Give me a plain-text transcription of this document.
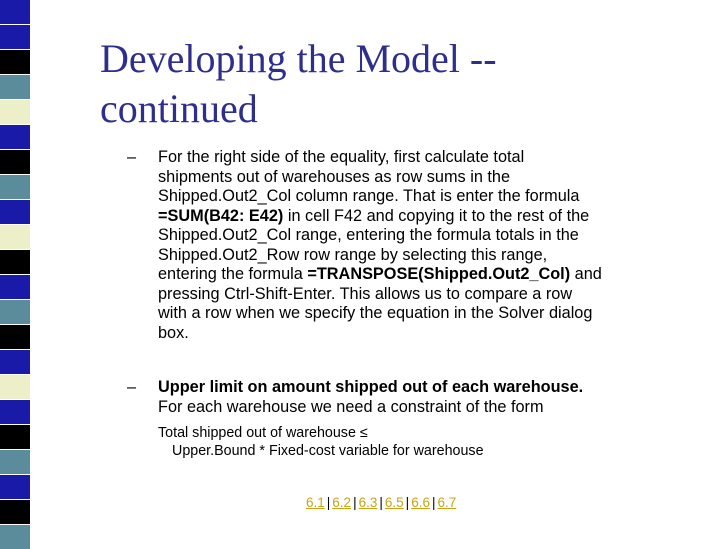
Developing the Model --
continued
– For the right side of the equality, first calculate total
shipments out of warehouses as row sums in the
Shipped.Out2_Col column range. That is enter the formula
=SUM(B42: E42) in cell F42 and copying it to the rest of the
Shipped.Out2_Col range, entering the formula totals in the
Shipped.Out2_Row row range by selecting this range,
entering the formula =TRANSPOSE(Shipped.Out2_Col) and
pressing Ctrl-Shift-Enter. This allows us to compare a row
with a row when we specify the equation in the Solver dialog
box.
– Upper limit on amount shipped out of each warehouse.
For each warehouse we need a constraint of the form
Total shipped out of warehouse ≤
Upper.Bound * Fixed-cost variable for warehouse
6.1 | 6.2 | 6.3 | 6.5 | 6.6 | 6.7
